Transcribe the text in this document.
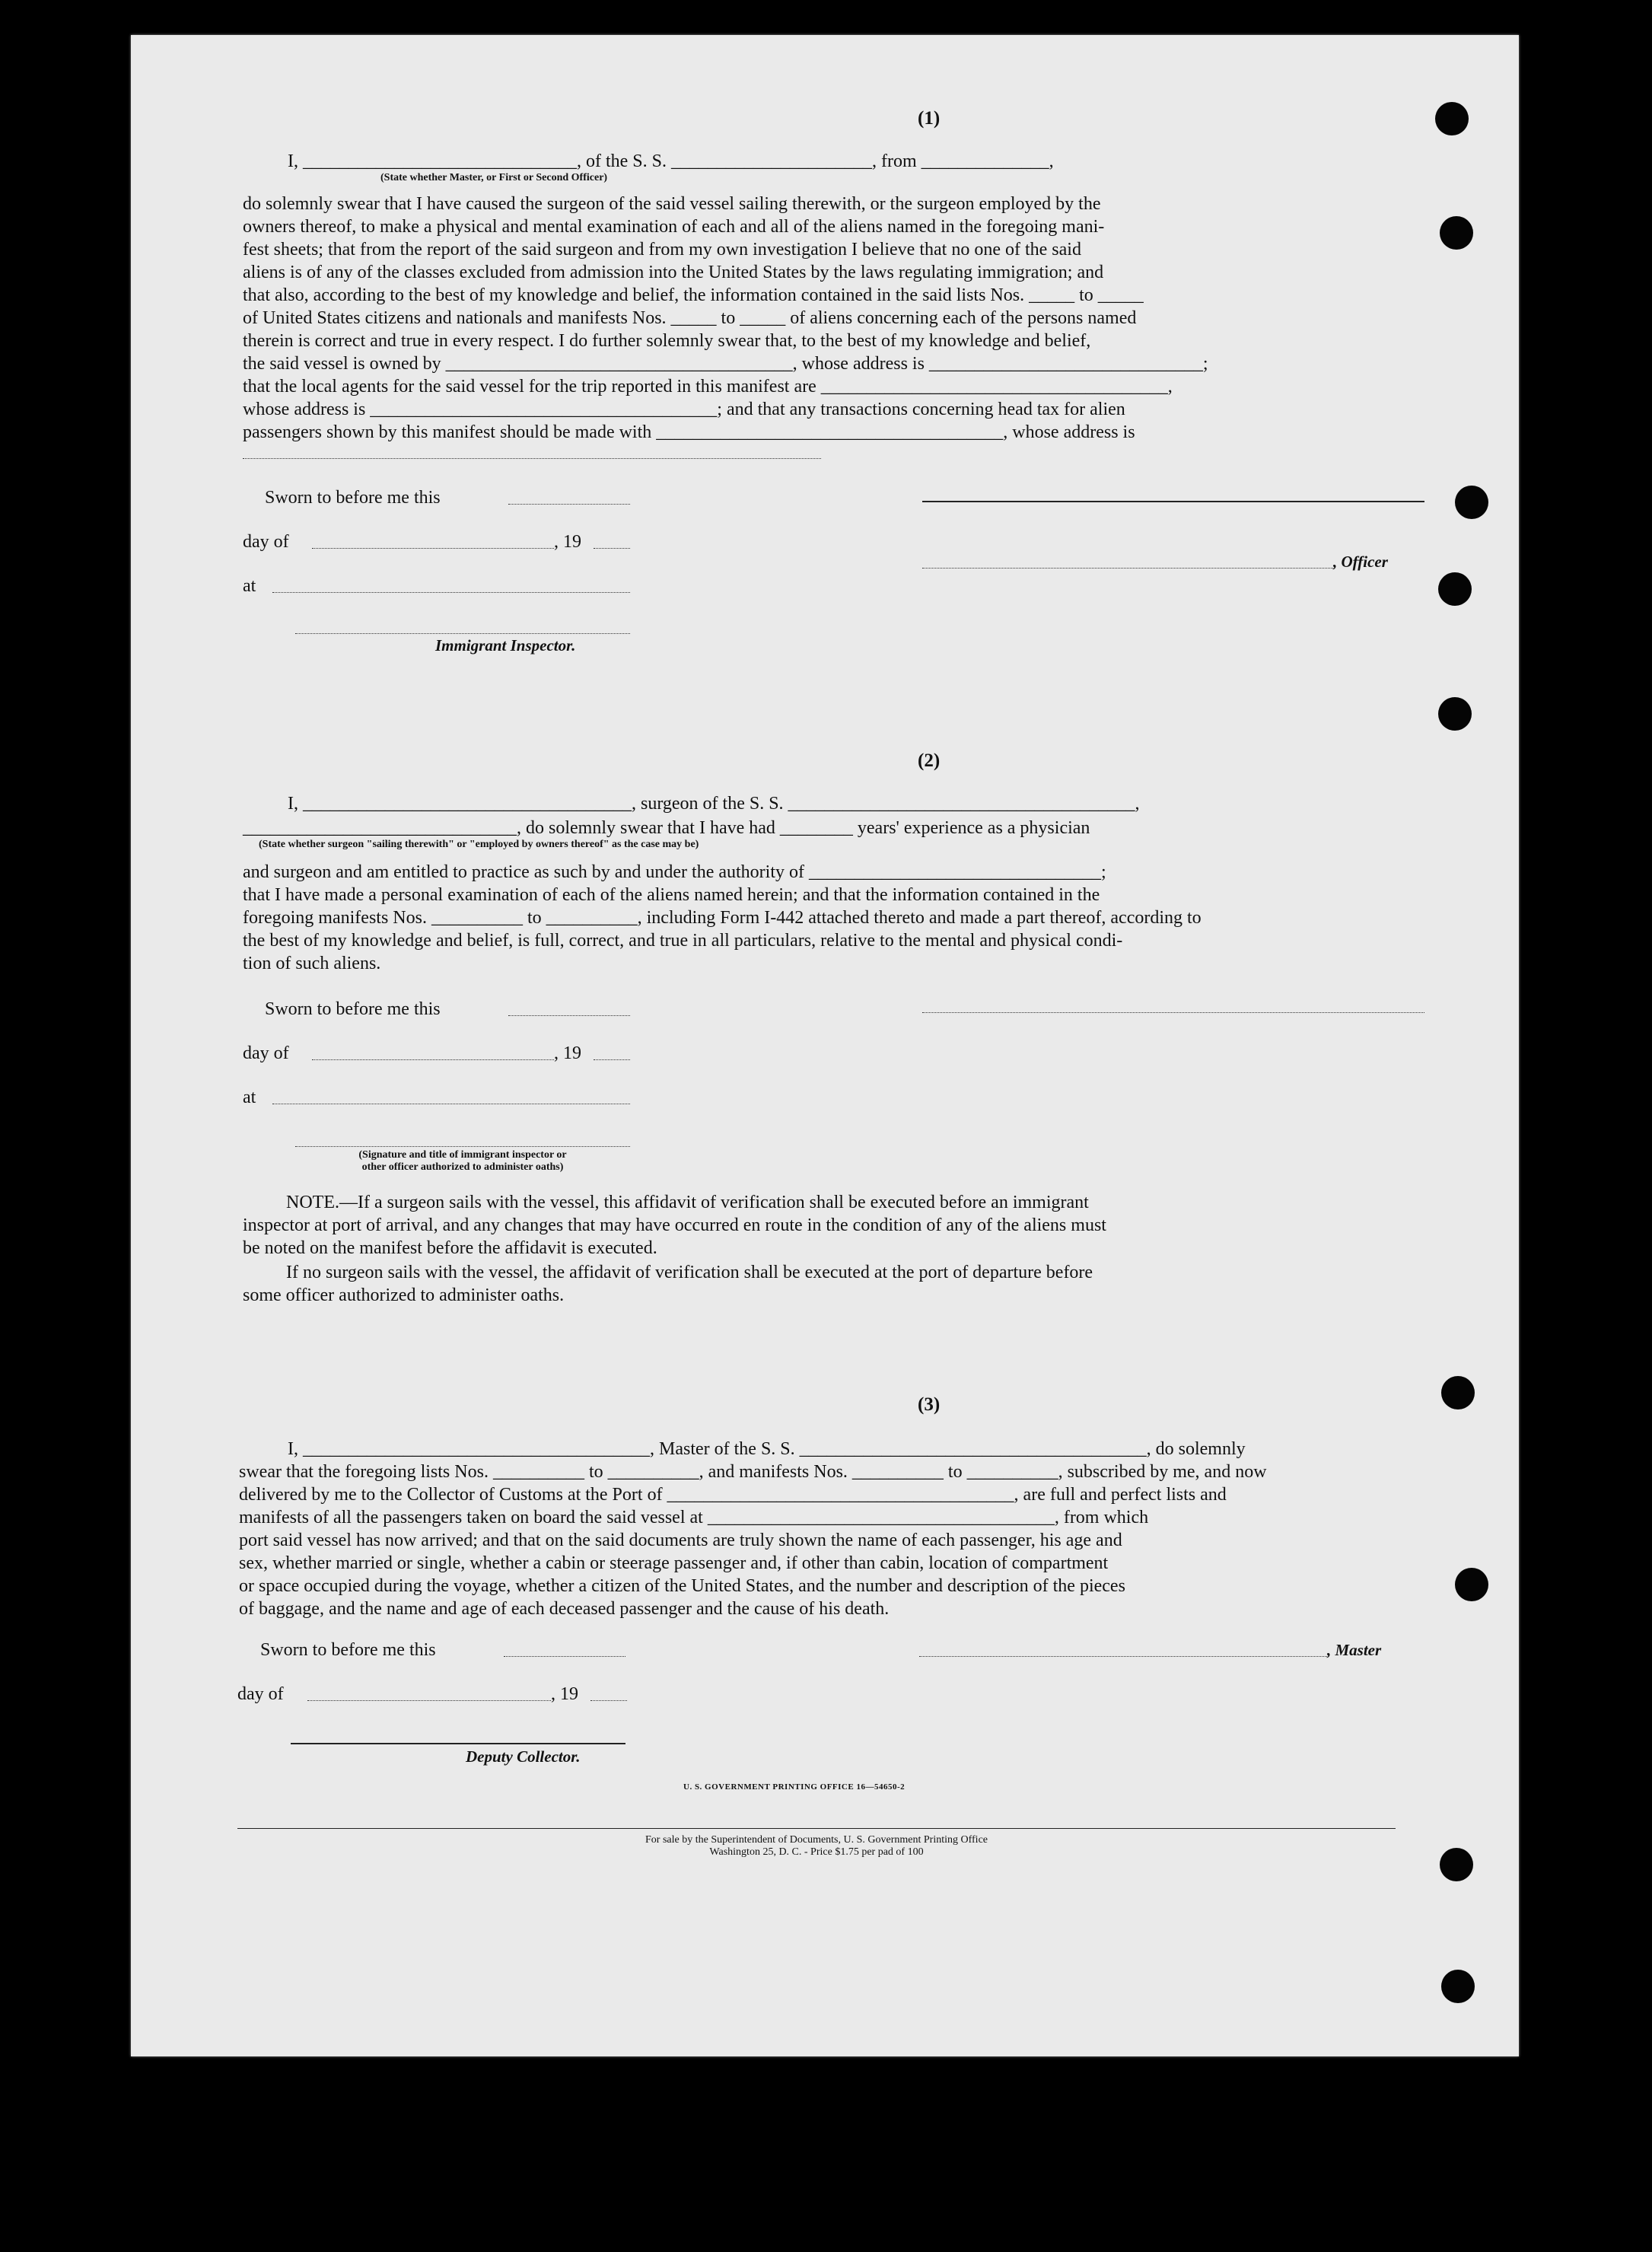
(1)
I, ______________________________, of the S. S. ______________________, from ______________,
(State whether Master, or First or Second Officer)
do solemnly swear that I have caused the surgeon of the said vessel sailing therewith, or the surgeon employed by the
owners thereof, to make a physical and mental examination of each and all of the aliens named in the foregoing mani-
fest sheets; that from the report of the said surgeon and from my own investigation I believe that no one of the said
aliens is of any of the classes excluded from admission into the United States by the laws regulating immigration; and
that also, according to the best of my knowledge and belief, the information contained in the said lists Nos. _____ to _____
of United States citizens and nationals and manifests Nos. _____ to _____ of aliens concerning each of the persons named
therein is correct and true in every respect. I do further solemnly swear that, to the best of my knowledge and belief,
the said vessel is owned by ______________________________________, whose address is ______________________________;
that the local agents for the said vessel for the trip reported in this manifest are ______________________________________,
whose address is ______________________________________; and that any transactions concerning head tax for alien
passengers shown by this manifest should be made with ______________________________________, whose address is
Sworn to before me this
day of	, 19
, Officer
at
Immigrant Inspector.
(2)
I, ____________________________________, surgeon of the S. S. ______________________________________,
______________________________, do solemnly swear that I have had ________ years' experience as a physician
(State whether surgeon "sailing therewith" or "employed by owners thereof" as the case may be)
and surgeon and am entitled to practice as such by and under the authority of ________________________________;
that I have made a personal examination of each of the aliens named herein; and that the information contained in the
foregoing manifests Nos. __________ to __________, including Form I-442 attached thereto and made a part thereof, according to
the best of my knowledge and belief, is full, correct, and true in all particulars, relative to the mental and physical condi-
tion of such aliens.
Sworn to before me this
day of	, 19
at
(Signature and title of immigrant inspector or
other officer authorized to administer oaths)
NOTE.—If a surgeon sails with the vessel, this affidavit of verification shall be executed before an immigrant
inspector at port of arrival, and any changes that may have occurred en route in the condition of any of the aliens must
be noted on the manifest before the affidavit is executed.
If no surgeon sails with the vessel, the affidavit of verification shall be executed at the port of departure before
some officer authorized to administer oaths.
(3)
I, ______________________________________, Master of the S. S. ______________________________________, do solemnly
swear that the foregoing lists Nos. __________ to __________, and manifests Nos. __________ to __________, subscribed by me, and now
delivered by me to the Collector of Customs at the Port of ______________________________________, are full and perfect lists and
manifests of all the passengers taken on board the said vessel at ______________________________________, from which
port said vessel has now arrived; and that on the said documents are truly shown the name of each passenger, his age and
sex, whether married or single, whether a cabin or steerage passenger and, if other than cabin, location of compartment
or space occupied during the voyage, whether a citizen of the United States, and the number and description of the pieces
of baggage, and the name and age of each deceased passenger and the cause of his death.
Sworn to before me this	, Master
day of	, 19
Deputy Collector.
U. S. GOVERNMENT PRINTING OFFICE 16—54650-2
For sale by the Superintendent of Documents, U. S. Government Printing Office
Washington 25, D. C. - Price $1.75 per pad of 100
